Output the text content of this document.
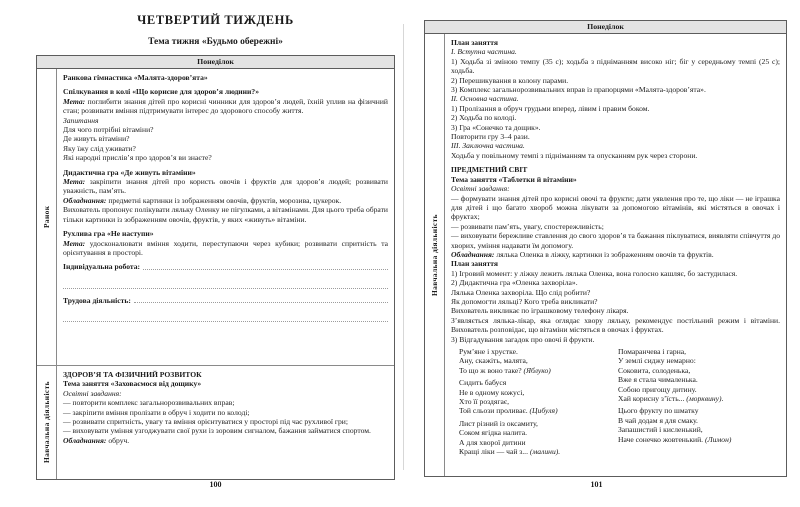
ЧЕТВЕРТИЙ ТИЖДЕНЬ
Тема тижня «Будьмо обережні»
Понеділок
Ранок

Ранкова гімнастика «Малята-здоров’ята»

Спілкування в колі «Що корисне для здоров’я людини?»

Мета: поглибити знання дітей про корисні чинники для здоров’я людей, їхній уплив на фізичний стан; розвивати вміння підтримувати інтерес до здорового способу життя.

Запитання

Для чого потрібні вітаміни?

Де живуть вітаміни?

Яку їжу слід уживати?

Які народні прислів’я про здоров’я ви знаєте?

Дидактична гра «Де живуть вітаміни»

Мета: закріпити знання дітей про користь овочів і фруктів для здоров’я людей; розвивати уважність, пам’ять.

Обладнання: предметні картинки із зображенням овочів, фруктів, морозива, цукерок.

Вихователь пропонує полікувати ляльку Оленку не пігулками, а вітамінами. Для цього треба обрати тільки картинки із зображенням овочів, фруктів, у яких «живуть» вітаміни.

Рухлива гра «Не наступи»

Мета: удосконалювати вміння ходити, переступаючи через кубики; розвивати спритність та орієнтування в просторі.

Індивідуальна робота:
Трудова діяльність:
Навчальна діяльність

ЗДОРОВ’Я ТА ФІЗИЧНИЙ РОЗВИТОК

Тема заняття «Заховаємося від дощику»

Освітні завдання:

— повторити комплекс загальнорозвивальних вправ;

— закріпити вміння пролізати в обруч і ходити по колоді;

— розвивати спритність, увагу та вміння орієнтуватися у просторі під час рухливої гри;

— виховувати уміння узгоджувати свої рухи із зоровим сигналом, бажання займатися спортом.

Обладнання: обруч.

100
Понеділок
Навчальна діяльність

План заняття

І. Вступна частина.

1) Ходьба зі зміною темпу (35 с); ходьба з підніманням високо ніг; біг у середньому темпі (25 с); ходьба.

2) Перешикування в колону парами.

3) Комплекс загальнорозвивальних вправ із прапорцями «Малята-здоров’ята».

ІІ. Основна частина.

1) Пролізання в обруч грудьми вперед, лівим і правим боком.

2) Ходьба по колоді.

3) Гра «Сонечко та дощик».

Повторити гру 3–4 рази.

ІІІ. Заключна частина.

Ходьба у повільному темпі з підніманням та опусканням рук через сторони.

ПРЕДМЕТНИЙ СВІТ

Тема заняття «Таблетки й вітаміни»

Освітні завдання:

— формувати знання дітей про корисні овочі та фрукти; дати уявлення про те, що ліки — не іграшка для дітей і що багато хвороб можна лікувати за допомогою вітамінів, які містяться в овочах і фруктах;

— розвивати пам’ять, увагу, спостережливість;

— виховувати бережливе ставлення до свого здоров’я та бажання піклуватися, виявляти співчуття до хворих, уміння надавати їм допомогу.

Обладнання: лялька Оленка в ліжку, картинки із зображенням овочів та фруктів.

План заняття

1) Ігровий момент: у ліжку лежить лялька Оленка, вона голосно кашляє, бо застудилася.

2) Дидактична гра «Оленка захворіла».

Лялька Оленка захворіла. Що слід робити?

Як допомогти ляльці? Кого треба викликати?

Вихователь викликає по іграшковому телефону лікаря.

З’являється лялька-лікар, яка оглядає хвору ляльку, рекомендує постільний режим і вітаміни. Вихователь розповідає, що вітаміни містяться в овочах і фруктах.

3) Відгадування загадок про овочі й фрукти.

Рум’яне і хрустке.
Ану, скажіть, малята,
То що ж воно таке? (Яблуко)
Сидить бабуся
Не в одному кожусі,
Хто її роздягає,
Той сльози проливає. (Цибуля)
Лист різний із оксамиту,
Соком ягідка налита.
А для хворої дитини
Кращі ліки — чай з... (малини).
Помаранчева і гарна,
У землі сиджу немарно:
Соковита, солоденька,
Вже я стала чималенька.
Собою пригощу дитину.
Хай корисну з’їсть... (морквину).
Цього фрукту по шматку
В чай додам я для смаку.
Запашистий і кисленький,
Наче сонечко жовтенький. (Лимон)
101
